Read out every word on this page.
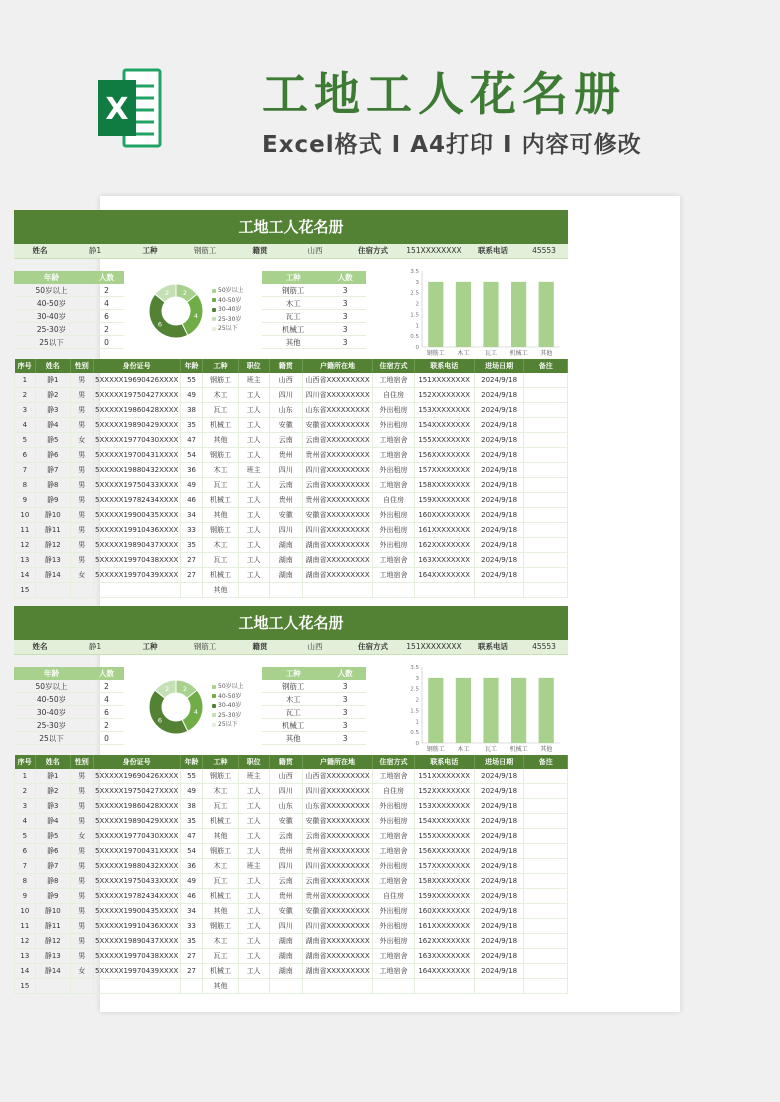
X	工地工人花名册
Excel格式 I A4打印 I 内容可修改
工地工人花名册
姓名	静1	工种	钢筋工	籍贯	山西	住宿方式	151XXXXXXXX	联系电话	45553
年龄	人数
50岁以上	2
40-50岁	4
30-40岁	6
25-30岁	2
25以下	0
2
4
6
2	50岁以上
40-50岁
30-40岁
25-30岁
25以下
工种	人数
钢筋工	3
木工	3
瓦工	3
机械工	3
其他	3
0
0.5
1
1.5
2
2.5
3
3.5
钢筋工 木工	瓦工 机械工 其他
序号	姓名	性别	身份证号	年龄	工种	职位	籍贯	户籍所在地	住宿方式	联系电话	进场日期	备注
1	静1	男	5XXXXX19690426XXXX	55	钢筋工	班主	山西	山西省XXXXXXXXX	工地宿舍	151XXXXXXXX	2024/9/18	
2	静2	男	5XXXXX19750427XXXX	49	木工	工人	四川	四川省XXXXXXXXX	自住房	152XXXXXXXX	2024/9/18	
3	静3	男	5XXXXX19860428XXXX	38	瓦工	工人	山东	山东省XXXXXXXXX	外出租房	153XXXXXXXX	2024/9/18	
4	静4	男	5XXXXX19890429XXXX	35	机械工	工人	安徽	安徽省XXXXXXXXX	外出租房	154XXXXXXXX	2024/9/18	
5	静5	女	5XXXXX19770430XXXX	47	其他	工人	云南	云南省XXXXXXXXX	工地宿舍	155XXXXXXXX	2024/9/18	
6	静6	男	5XXXXX19700431XXXX	54	钢筋工	工人	贵州	贵州省XXXXXXXXX	工地宿舍	156XXXXXXXX	2024/9/18	
7	静7	男	5XXXXX19880432XXXX	36	木工	班主	四川	四川省XXXXXXXXX	外出租房	157XXXXXXXX	2024/9/18	
8	静8	男	5XXXXX19750433XXXX	49	瓦工	工人	云南	云南省XXXXXXXXX	工地宿舍	158XXXXXXXX	2024/9/18	
9	静9	男	5XXXXX19782434XXXX	46	机械工	工人	贵州	贵州省XXXXXXXXX	自住房	159XXXXXXXX	2024/9/18	
10	静10	男	5XXXXX19900435XXXX	34	其他	工人	安徽	安徽省XXXXXXXXX	外出租房	160XXXXXXXX	2024/9/18	
11	静11	男	5XXXXX19910436XXXX	33	钢筋工	工人	四川	四川省XXXXXXXXX	外出租房	161XXXXXXXX	2024/9/18	
12	静12	男	5XXXXX19890437XXXX	35	木工	工人	湖南	湖南省XXXXXXXXX	外出租房	162XXXXXXXX	2024/9/18	
13	静13	男	5XXXXX19970438XXXX	27	瓦工	工人	湖南	湖南省XXXXXXXXX	工地宿舍	163XXXXXXXX	2024/9/18	
14	静14	女	5XXXXX19970439XXXX	27	机械工	工人	湖南	湖南省XXXXXXXXX	工地宿舍	164XXXXXXXX	2024/9/18	
15					其他							
工地工人花名册
姓名	静1	工种	钢筋工	籍贯	山西	住宿方式	151XXXXXXXX	联系电话	45553
年龄	人数
50岁以上	2
40-50岁	4
30-40岁	6
25-30岁	2
25以下	0
2
4
6
2	50岁以上
40-50岁
30-40岁
25-30岁
25以下
工种	人数
钢筋工	3
木工	3
瓦工	3
机械工	3
其他	3
0
0.5
1
1.5
2
2.5
3
3.5
钢筋工 木工	瓦工 机械工 其他
序号	姓名	性别	身份证号	年龄	工种	职位	籍贯	户籍所在地	住宿方式	联系电话	进场日期	备注
1	静1	男	5XXXXX19690426XXXX	55	钢筋工	班主	山西	山西省XXXXXXXXX	工地宿舍	151XXXXXXXX	2024/9/18	
2	静2	男	5XXXXX19750427XXXX	49	木工	工人	四川	四川省XXXXXXXXX	自住房	152XXXXXXXX	2024/9/18	
3	静3	男	5XXXXX19860428XXXX	38	瓦工	工人	山东	山东省XXXXXXXXX	外出租房	153XXXXXXXX	2024/9/18	
4	静4	男	5XXXXX19890429XXXX	35	机械工	工人	安徽	安徽省XXXXXXXXX	外出租房	154XXXXXXXX	2024/9/18	
5	静5	女	5XXXXX19770430XXXX	47	其他	工人	云南	云南省XXXXXXXXX	工地宿舍	155XXXXXXXX	2024/9/18	
6	静6	男	5XXXXX19700431XXXX	54	钢筋工	工人	贵州	贵州省XXXXXXXXX	工地宿舍	156XXXXXXXX	2024/9/18	
7	静7	男	5XXXXX19880432XXXX	36	木工	班主	四川	四川省XXXXXXXXX	外出租房	157XXXXXXXX	2024/9/18	
8	静8	男	5XXXXX19750433XXXX	49	瓦工	工人	云南	云南省XXXXXXXXX	工地宿舍	158XXXXXXXX	2024/9/18	
9	静9	男	5XXXXX19782434XXXX	46	机械工	工人	贵州	贵州省XXXXXXXXX	自住房	159XXXXXXXX	2024/9/18	
10	静10	男	5XXXXX19900435XXXX	34	其他	工人	安徽	安徽省XXXXXXXXX	外出租房	160XXXXXXXX	2024/9/18	
11	静11	男	5XXXXX19910436XXXX	33	钢筋工	工人	四川	四川省XXXXXXXXX	外出租房	161XXXXXXXX	2024/9/18	
12	静12	男	5XXXXX19890437XXXX	35	木工	工人	湖南	湖南省XXXXXXXXX	外出租房	162XXXXXXXX	2024/9/18	
13	静13	男	5XXXXX19970438XXXX	27	瓦工	工人	湖南	湖南省XXXXXXXXX	工地宿舍	163XXXXXXXX	2024/9/18	
14	静14	女	5XXXXX19970439XXXX	27	机械工	工人	湖南	湖南省XXXXXXXXX	工地宿舍	164XXXXXXXX	2024/9/18	
15					其他							
